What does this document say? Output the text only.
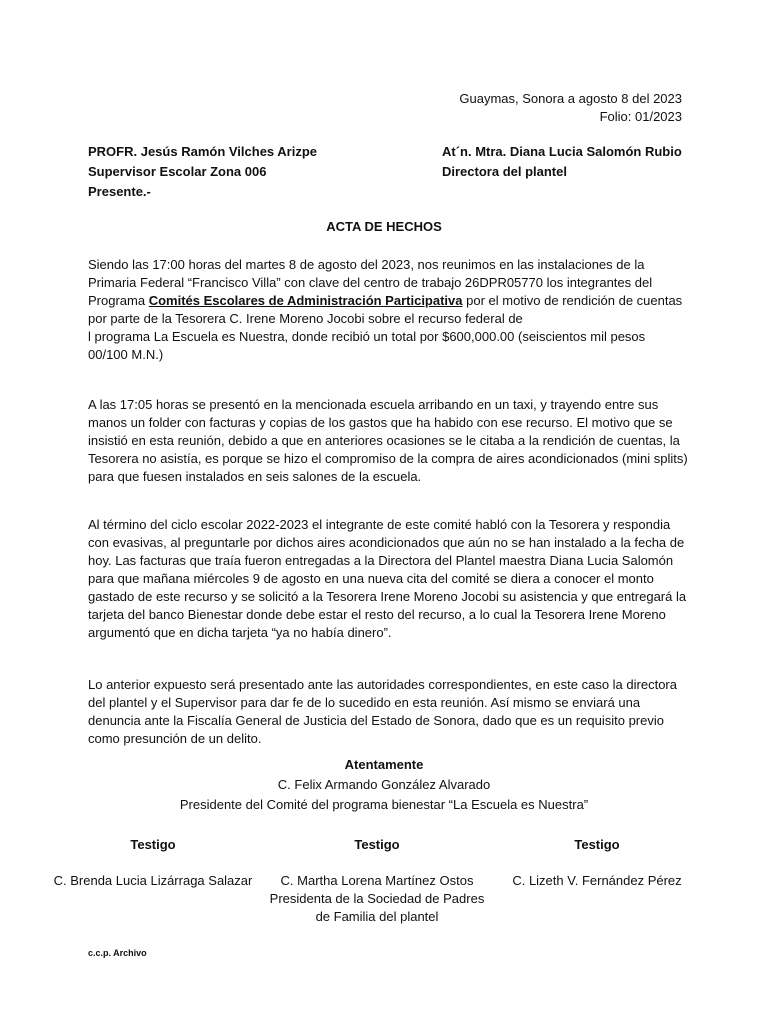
Guaymas, Sonora a agosto 8 del 2023
Folio: 01/2023
PROFR. Jesús Ramón Vilches Arizpe
Supervisor Escolar Zona 006
Presente.-
At´n. Mtra. Diana Lucia Salomón Rubio
Directora del plantel
ACTA DE HECHOS
Siendo las 17:00 horas del martes 8 de agosto del 2023, nos reunimos en las instalaciones de la Primaria Federal “Francisco Villa” con clave del centro de trabajo 26DPR05770 los integrantes del Programa Comités Escolares de Administración Participativa por el motivo de rendición de cuentas por parte de la Tesorera C. Irene Moreno Jocobi sobre el recurso federal de
l programa La Escuela es Nuestra, donde recibió un total por $600,000.00 (seiscientos mil pesos 00/100 M.N.)
A las 17:05 horas se presentó en la mencionada escuela arribando en un taxi, y trayendo entre sus manos un folder con facturas y copias de los gastos que ha habido con ese recurso. El motivo que se insistió en esta reunión, debido a que en anteriores ocasiones se le citaba a la rendición de cuentas, la Tesorera no asistía, es porque se hizo el compromiso de la compra de aires acondicionados (mini splits) para que fuesen instalados en seis salones de la escuela.
Al término del ciclo escolar 2022-2023 el integrante de este comité habló con la Tesorera y respondia con evasivas, al preguntarle por dichos aires acondicionados que aún no se han instalado a la fecha de hoy. Las facturas que traía fueron entregadas a la Directora del Plantel maestra Diana Lucia Salomón para que mañana miércoles 9 de agosto en una nueva cita del comité se diera a conocer el monto gastado de este recurso y se solicitó a la Tesorera Irene Moreno Jocobi su asistencia y que entregará la tarjeta del banco Bienestar donde debe estar el resto del recurso, a lo cual la Tesorera Irene Moreno argumentó que en dicha tarjeta “ya no había dinero”.
Lo anterior expuesto será presentado ante las autoridades correspondientes, en este caso la directora del plantel y el Supervisor para dar fe de lo sucedido en esta reunión. Así mismo se enviará una denuncia ante la Fiscalía General de Justicia del Estado de Sonora, dado que es un requisito previo como presunción de un delito.
Atentamente
C. Felix Armando González Alvarado
Presidente del Comité del programa bienestar “La Escuela es Nuestra”
Testigo
C. Brenda Lucia Lizárraga Salazar
Testigo
C. Martha Lorena Martínez Ostos
Presidenta de la Sociedad de Padres
de Familia del plantel
Testigo
C. Lizeth V. Fernández Pérez
c.c.p. Archivo
